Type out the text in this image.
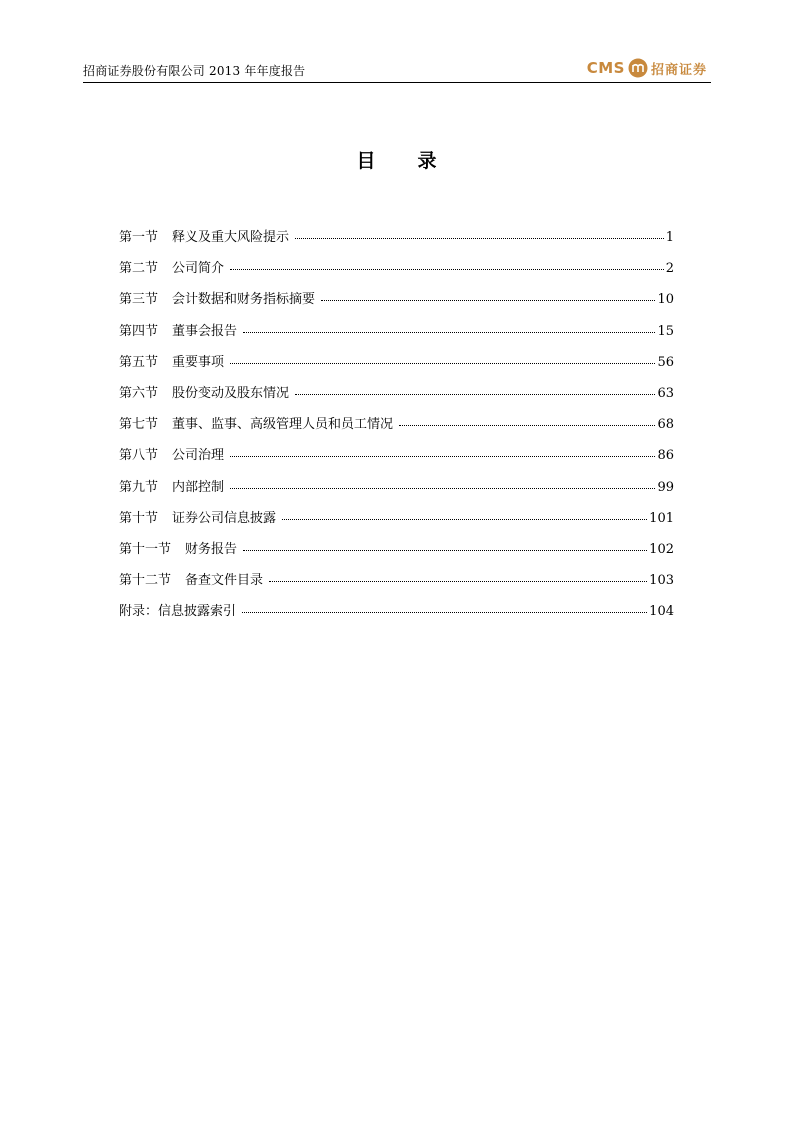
招商证券股份有限公司 2013 年年度报告	CMS 招商证券
目 录
第一节 释义及重大风险提示	1
第二节 公司简介	2
第三节 会计数据和财务指标摘要	10
第四节 董事会报告	15
第五节 重要事项	56
第六节 股份变动及股东情况	63
第七节 董事、监事、高级管理人员和员工情况	68
第八节 公司治理	86
第九节 内部控制	99
第十节 证券公司信息披露	101
第十一节 财务报告	102
第十二节 备查文件目录	103
附录：信息披露索引	104
